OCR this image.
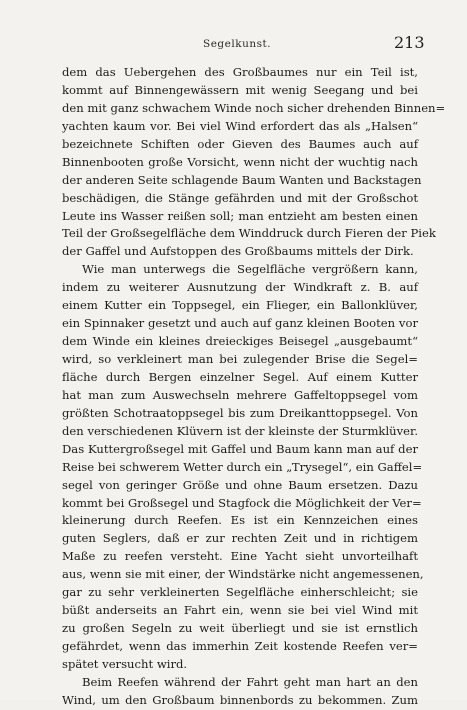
Segelkunst.	213
dem das Uebergehen des Großbaumes nur ein Teil ist,
kommt auf Binnengewässern mit wenig Seegang und bei
den mit ganz schwachem Winde noch sicher drehenden Binnen=
yachten kaum vor. Bei viel Wind erfordert das als „Halsen“
bezeichnete Schiften oder Gieven des Baumes auch auf
Binnenbooten große Vorsicht, wenn nicht der wuchtig nach
der anderen Seite schlagende Baum Wanten und Backstagen
beschädigen, die Stänge gefährden und mit der Großschot
Leute ins Wasser reißen soll; man entzieht am besten einen
Teil der Großsegelfläche dem Winddruck durch Fieren der Piek
der Gaffel und Aufstoppen des Großbaums mittels der Dirk.
Wie man unterwegs die Segelfläche vergrößern kann,
indem zu weiterer Ausnutzung der Windkraft z. B. auf
einem Kutter ein Toppsegel, ein Flieger, ein Ballonklüver,
ein Spinnaker gesetzt und auch auf ganz kleinen Booten vor
dem Winde ein kleines dreieckiges Beisegel „ausgebaumt“
wird, so verkleinert man bei zulegender Brise die Segel=
fläche durch Bergen einzelner Segel. Auf einem Kutter
hat man zum Auswechseln mehrere Gaffeltoppsegel vom
größten Schotraatoppsegel bis zum Dreikanttoppsegel. Von
den verschiedenen Klüvern ist der kleinste der Sturmklüver.
Das Kuttergroßsegel mit Gaffel und Baum kann man auf der
Reise bei schwerem Wetter durch ein „Trysegel“, ein Gaffel=
segel von geringer Größe und ohne Baum ersetzen. Dazu
kommt bei Großsegel und Stagfock die Möglichkeit der Ver=
kleinerung durch Reefen. Es ist ein Kennzeichen eines
guten Seglers, daß er zur rechten Zeit und in richtigem
Maße zu reefen versteht. Eine Yacht sieht unvorteilhaft
aus, wenn sie mit einer, der Windstärke nicht angemessenen,
gar zu sehr verkleinerten Segelfläche einherschleicht; sie
büßt anderseits an Fahrt ein, wenn sie bei viel Wind mit
zu großen Segeln zu weit überliegt und sie ist ernstlich
gefährdet, wenn das immerhin Zeit kostende Reefen ver=
spätet versucht wird.
Beim Reefen während der Fahrt geht man hart an den
Wind, um den Großbaum binnenbords zu bekommen. Zum
